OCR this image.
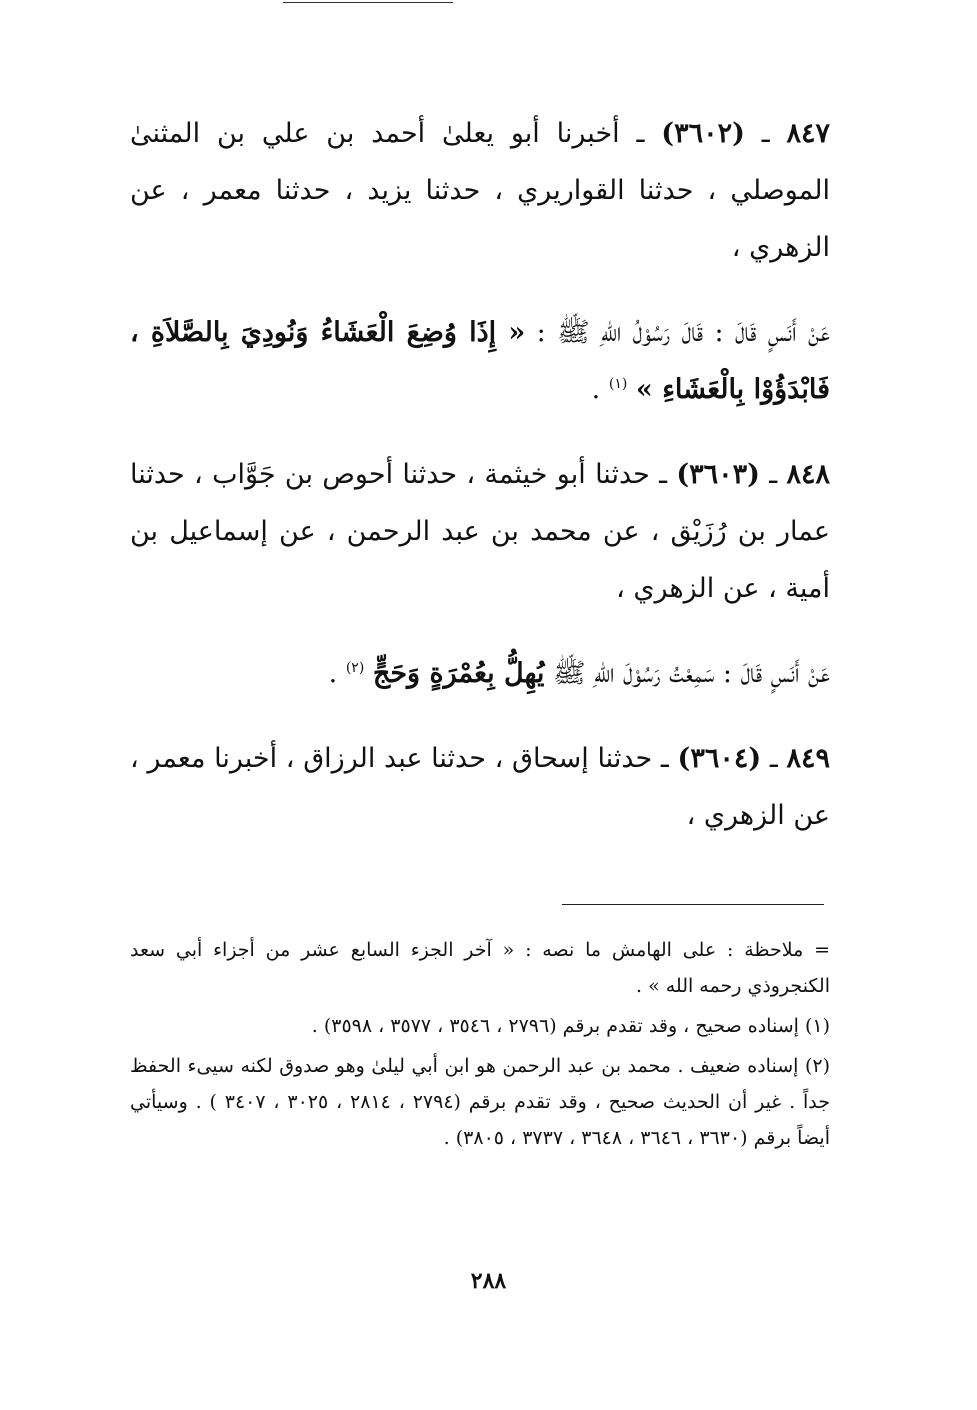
٨٤٧ ـ (٣٦٠٢) ـ أخبرنا أبو يعلىٰ أحمد بن علي بن المثنىٰ الموصلي ، حدثنا القواريري ، حدثنا يزيد ، حدثنا معمر ، عن الزهري ،

عَنْ أَنَسٍ قَالَ : قَالَ رَسُوْلُ اللهِ ﷺ : « إِذَا وُضِعَ الْعَشَاءُ وَنُودِيَ بِالصَّلاَةِ ، فَابْدَؤُوْا بِالْعَشَاءِ » $^{(١)}$ .

٨٤٨ ـ (٣٦٠٣) ـ حدثنا أبو خيثمة ، حدثنا أحوص بن جَوَّاب ، حدثنا عمار بن رُزَيْق ، عن محمد بن عبد الرحمن ، عن إسماعيل بن أمية ، عن الزهري ،

عَنْ أَنَسٍ قَالَ : سَمِعْتُ رَسُوْلَ اللهِ ﷺ يُهِلُّ بِعُمْرَةٍ وَحَجٍّ $^{(٢)}$ .

٨٤٩ ـ (٣٦٠٤) ـ حدثنا إسحاق ، حدثنا عبد الرزاق ، أخبرنا معمر ، عن الزهري ،

= ملاحظة : على الهامش ما نصه : « آخر الجزء السابع عشر من أجزاء أبي سعد الكنجروذي رحمه الله » .

(١) إسناده صحيح ، وقد تقدم برقم (٢٧٩٦ ، ٣٥٤٦ ، ٣٥٧٧ ، ٣٥٩٨) .

(٢) إسناده ضعيف . محمد بن عبد الرحمن هو ابن أبي ليلىٰ وهو صدوق لكنه سيىء الحفظ جداً . غير أن الحديث صحيح ، وقد تقدم برقم (٢٧٩٤ ، ٢٨١٤ ، ٣٠٢٥ ، ٣٤٠٧ ) . وسيأتي أيضاً برقم (٣٦٣٠ ، ٣٦٤٦ ، ٣٦٤٨ ، ٣٧٣٧ ، ٣٨٠٥) .

٢٨٨
